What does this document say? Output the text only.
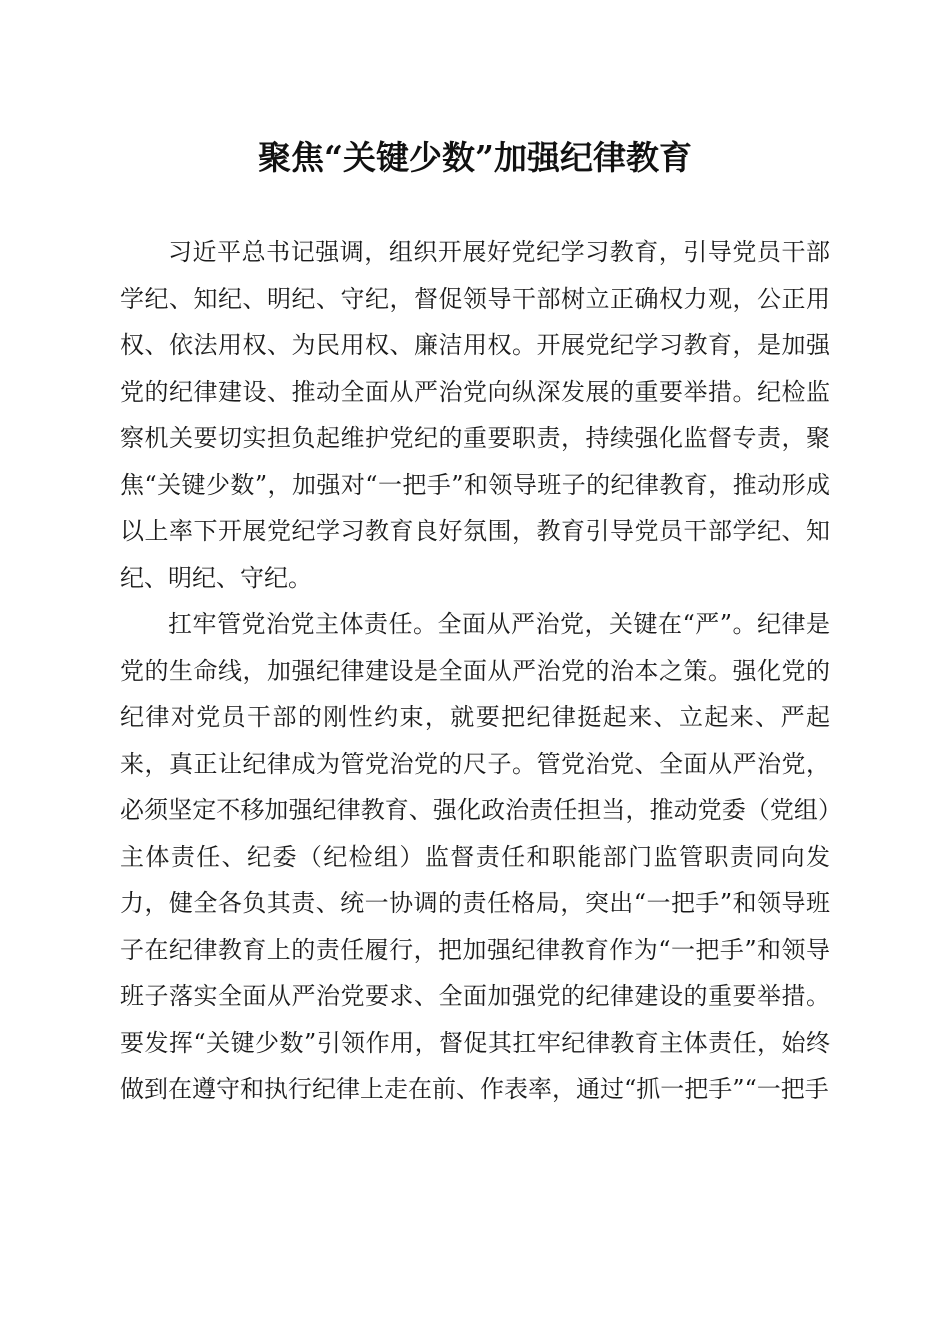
聚焦“关键少数”加强纪律教育

习近平总书记强调，组织开展好党纪学习教育，引导党员干部学纪、知纪、明纪、守纪，督促领导干部树立正确权力观，公正用权、依法用权、为民用权、廉洁用权。开展党纪学习教育，是加强党的纪律建设、推动全面从严治党向纵深发展的重要举措。纪检监察机关要切实担负起维护党纪的重要职责，持续强化监督专责，聚焦“关键少数”，加强对“一把手”和领导班子的纪律教育，推动形成以上率下开展党纪学习教育良好氛围，教育引导党员干部学纪、知纪、明纪、守纪。

扛牢管党治党主体责任。全面从严治党，关键在“严”。纪律是党的生命线，加强纪律建设是全面从严治党的治本之策。强化党的纪律对党员干部的刚性约束，就要把纪律挺起来、立起来、严起来，真正让纪律成为管党治党的尺子。管党治党、全面从严治党，必须坚定不移加强纪律教育、强化政治责任担当，推动党委（党组）主体责任、纪委（纪检组）监督责任和职能部门监管职责同向发力，健全各负其责、统一协调的责任格局，突出“一把手”和领导班子在纪律教育上的责任履行，把加强纪律教育作为“一把手”和领导班子落实全面从严治党要求、全面加强党的纪律建设的重要举措。要发挥“关键少数”引领作用，督促其扛牢纪律教育主体责任，始终做到在遵守和执行纪律上走在前、作表率，通过“抓一把手”“一把手
